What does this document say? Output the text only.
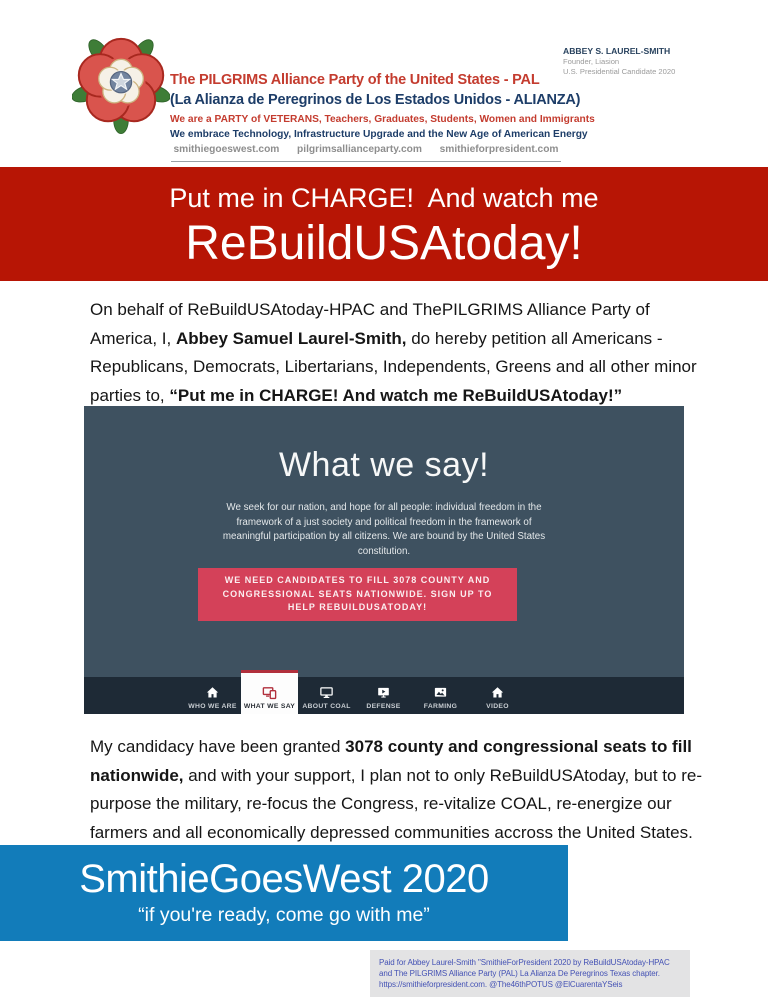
The PILGRIMS Alliance Party of the United States - PAL
(La Alianza de Peregrinos de Los Estados Unidos - ALIANZA)
We are a PARTY of VETERANS, Teachers, Graduates, Students, Women and Immigrants
We embrace Technology, Infrastructure Upgrade and the New Age of American Energy
smithiegoeswest.com  pilgrimsallianceparty.com  smithieforpresident.com
ABBEY S. LAUREL-SMITH
Founder, Liasion
U.S. Presidential Candidate 2020
Put me in CHARGE!  And watch me
ReBuildUSAtoday!
On behalf of ReBuildUSAtoday-HPAC and ThePILGRIMS Alliance Party of America, I, Abbey Samuel Laurel-Smith, do hereby petition all Americans - Republicans, Democrats, Libertarians, Independents, Greens and all other minor parties to, “Put me in CHARGE! And watch me ReBuildUSAtoday!”
What we say!
We seek for our nation, and hope for all people: individual freedom in the framework of a just society and political freedom in the framework of meaningful participation by all citizens. We are bound by the United States constitution.
WE NEED CANDIDATES TO FILL 3078 COUNTY AND CONGRESSIONAL SEATS NATIONWIDE. SIGN UP TO HELP REBUILDUSATODAY!
WHO WE ARE WHAT WE SAY ABOUT COAL DEFENSE	FARMING	VIDEO
My candidacy have been granted 3078 county and congressional seats to fill nationwide, and with your support, I plan not to only ReBuildUSAtoday, but to re-purpose the military, re-focus the Congress, re-vitalize COAL, re-energize our farmers and all economically depressed communities accross the United States.
SmithieGoesWest 2020
“if you're ready, come go with me”
Paid for Abbey Laurel-Smith "SmithieForPresident 2020 by ReBuildUSAtoday-HPAC
and The PILGRIMS Alliance Party (PAL) La Alianza De Peregrinos Texas chapter.
https://smithieforpresident.com. @The46thPOTUS @ElCuarentaYSeis
